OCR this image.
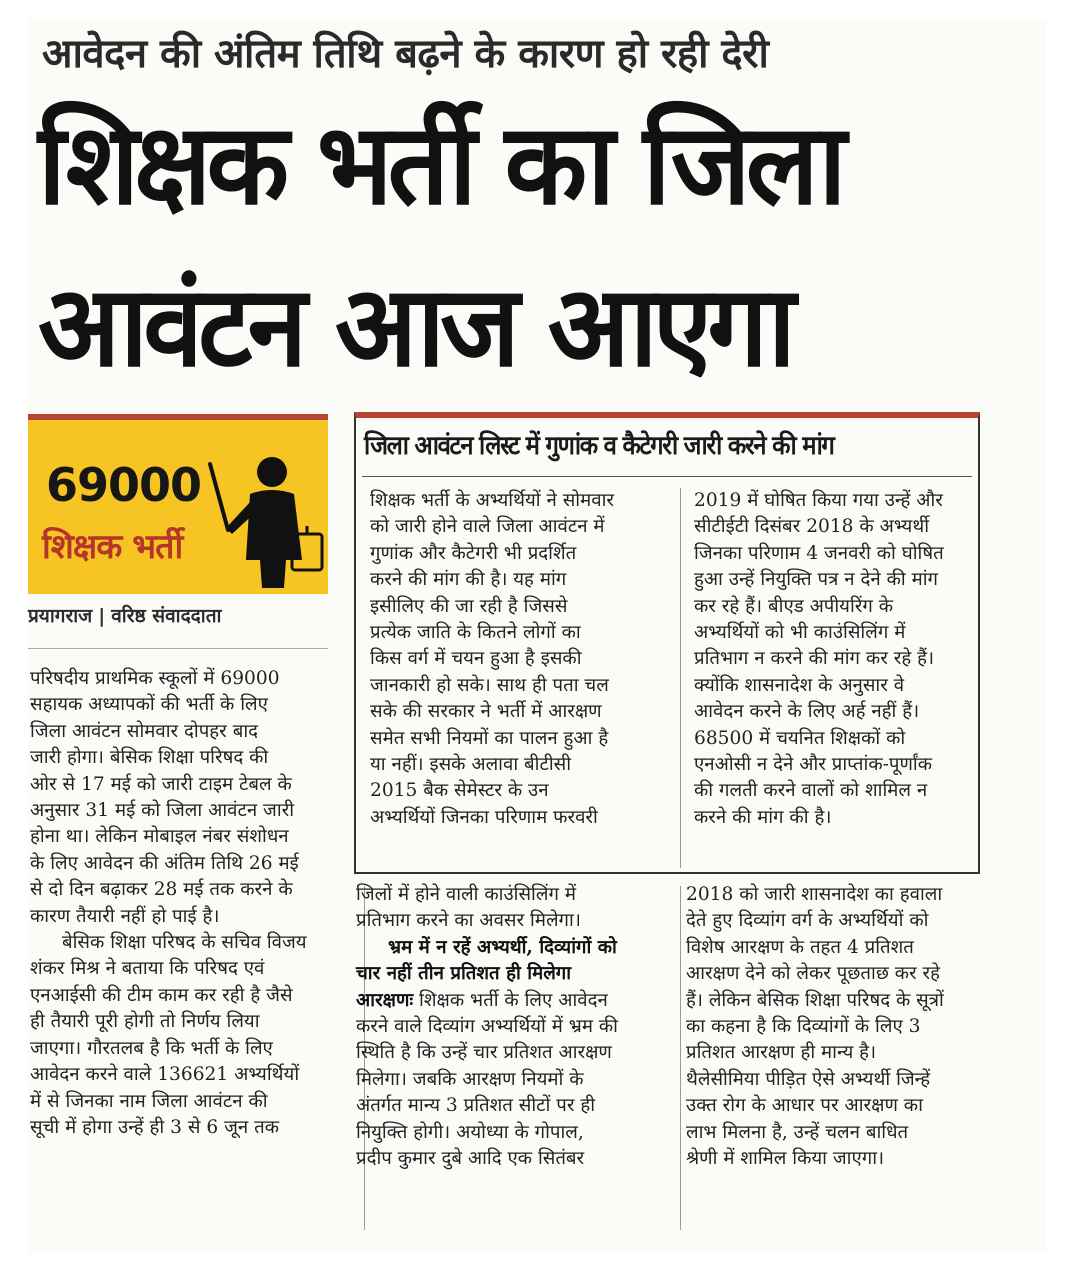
आवेदन की अंतिम तिथि बढ़ने के कारण हो रही देरी
शिक्षक भर्ती का जिला
आवंटन आज आएगा
69000
शिक्षक भर्ती
प्रयागराज | वरिष्ठ संवाददाता
जिला आवंटन लिस्ट में गुणांक व कैटेगरी जारी करने की मांग

शिक्षक भर्ती के अभ्यर्थियों ने सोमवार

को जारी होने वाले जिला आवंटन में

गुणांक और कैटेगरी भी प्रदर्शित

करने की मांग की है। यह मांग

इसीलिए की जा रही है जिससे

प्रत्येक जाति के कितने लोगों का

किस वर्ग में चयन हुआ है इसकी

जानकारी हो सके। साथ ही पता चल

सके की सरकार ने भर्ती में आरक्षण

समेत सभी नियमों का पालन हुआ है

या नहीं। इसके अलावा बीटीसी

2015 बैक सेमेस्टर के उन

अभ्यर्थियों जिनका परिणाम फरवरी

2019 में घोषित किया गया उन्हें और

सीटीईटी दिसंबर 2018 के अभ्यर्थी

जिनका परिणाम 4 जनवरी को घोषित

हुआ उन्हें नियुक्ति पत्र न देने की मांग

कर रहे हैं। बीएड अपीयरिंग के

अभ्यर्थियों को भी काउंसिलिंग में

प्रतिभाग न करने की मांग कर रहे हैं।

क्योंकि शासनादेश के अनुसार वे

आवेदन करने के लिए अर्ह नहीं हैं।

68500 में चयनित शिक्षकों को

एनओसी न देने और प्राप्तांक-पूर्णांक

की गलती करने वालों को शामिल न

करने की मांग की है।

परिषदीय प्राथमिक स्कूलों में 69000

सहायक अध्यापकों की भर्ती के लिए

जिला आवंटन सोमवार दोपहर बाद

जारी होगा। बेसिक शिक्षा परिषद की

ओर से 17 मई को जारी टाइम टेबल के

अनुसार 31 मई को जिला आवंटन जारी

होना था। लेकिन मोबाइल नंबर संशोधन

के लिए आवेदन की अंतिम तिथि 26 मई

से दो दिन बढ़ाकर 28 मई तक करने के

कारण तैयारी नहीं हो पाई है।

बेसिक शिक्षा परिषद के सचिव विजय

शंकर मिश्र ने बताया कि परिषद एवं

एनआईसी की टीम काम कर रही है जैसे

ही तैयारी पूरी होगी तो निर्णय लिया

जाएगा। गौरतलब है कि भर्ती के लिए

आवेदन करने वाले 136621 अभ्यर्थियों

में से जिनका नाम जिला आवंटन की

सूची में होगा उन्हें ही 3 से 6 जून तक

जिलों में होने वाली काउंसिलिंग में

प्रतिभाग करने का अवसर मिलेगा।

भ्रम में न रहें अभ्यर्थी, दिव्यांगों को

चार नहीं तीन प्रतिशत ही मिलेगा

आरक्षणः शिक्षक भर्ती के लिए आवेदन

करने वाले दिव्यांग अभ्यर्थियों में भ्रम की

स्थिति है कि उन्हें चार प्रतिशत आरक्षण

मिलेगा। जबकि आरक्षण नियमों के

अंतर्गत मान्य 3 प्रतिशत सीटों पर ही

नियुक्ति होगी। अयोध्या के गोपाल,

प्रदीप कुमार दुबे आदि एक सितंबर

2018 को जारी शासनादेश का हवाला

देते हुए दिव्यांग वर्ग के अभ्यर्थियों को

विशेष आरक्षण के तहत 4 प्रतिशत

आरक्षण देने को लेकर पूछताछ कर रहे

हैं। लेकिन बेसिक शिक्षा परिषद के सूत्रों

का कहना है कि दिव्यांगों के लिए 3

प्रतिशत आरक्षण ही मान्य है।

थैलेसीमिया पीड़ित ऐसे अभ्यर्थी जिन्हें

उक्त रोग के आधार पर आरक्षण का

लाभ मिलना है, उन्हें चलन बाधित

श्रेणी में शामिल किया जाएगा।
